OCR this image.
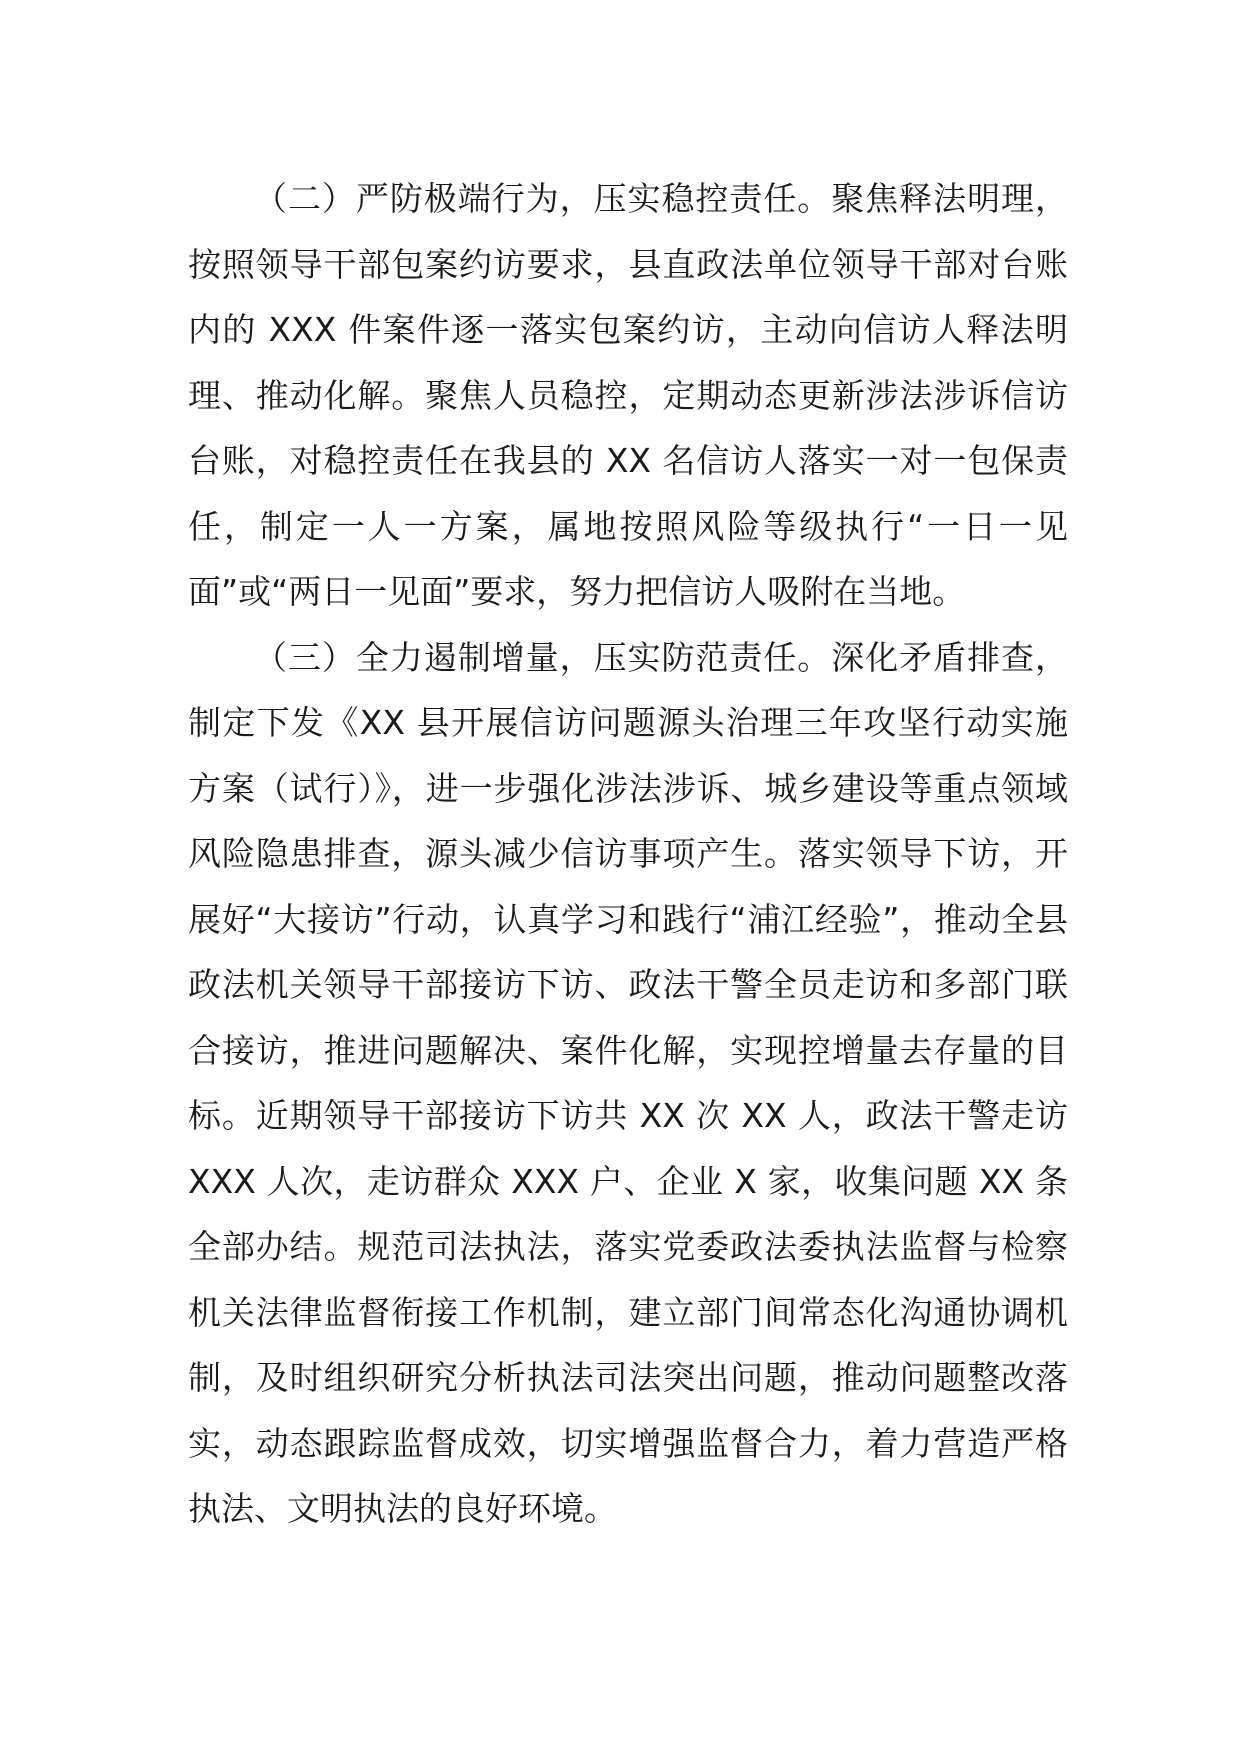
（二）严防极端行为，压实稳控责任。聚焦释法明理，按照领导干部包案约访要求，县直政法单位领导干部对台账内的 XXX 件案件逐一落实包案约访，主动向信访人释法明理、推动化解。聚焦人员稳控，定期动态更新涉法涉诉信访台账，对稳控责任在我县的 XX 名信访人落实一对一包保责任，制定一人一方案，属地按照风险等级执行“一日一见面”或“两日一见面”要求，努力把信访人吸附在当地。

（三）全力遏制增量，压实防范责任。深化矛盾排查，制定下发《XX 县开展信访问题源头治理三年攻坚行动实施方案（试行）》，进一步强化涉法涉诉、城乡建设等重点领域风险隐患排查，源头减少信访事项产生。落实领导下访，开展好“大接访”行动，认真学习和践行“浦江经验”，推动全县政法机关领导干部接访下访、政法干警全员走访和多部门联合接访，推进问题解决、案件化解，实现控增量去存量的目标。近期领导干部接访下访共 XX 次 XX 人，政法干警走访 XXX 人次，走访群众 XXX 户、企业 X 家，收集问题 XX 条全部办结。规范司法执法，落实党委政法委执法监督与检察机关法律监督衔接工作机制，建立部门间常态化沟通协调机制，及时组织研究分析执法司法突出问题，推动问题整改落实，动态跟踪监督成效，切实增强监督合力，着力营造严格执法、文明执法的良好环境。
